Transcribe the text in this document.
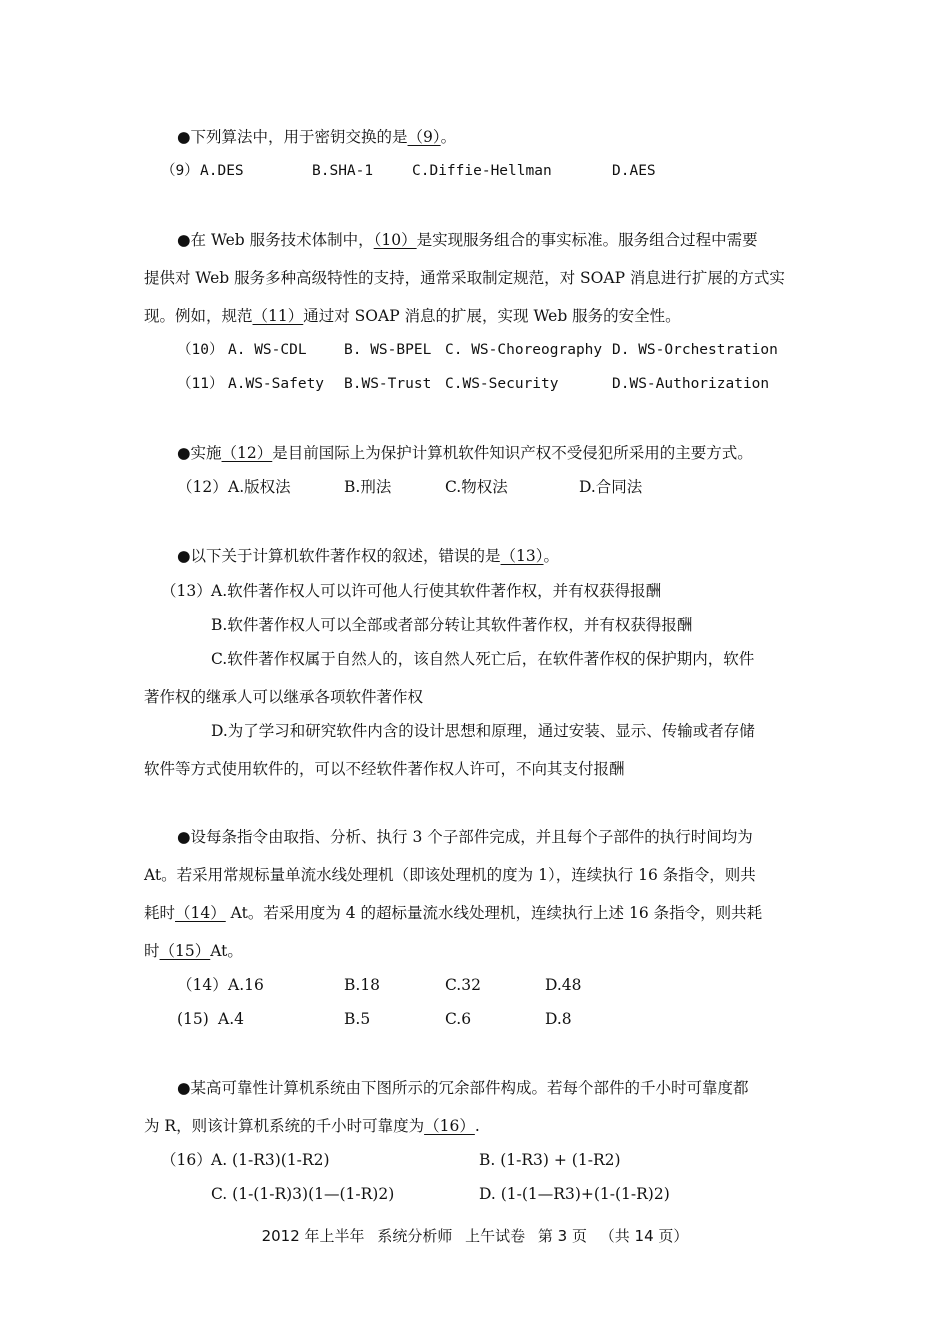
●下列算法中，用于密钥交换的是（9）。
（9） A.DES	B.SHA-1	C.Diffie-Hellman	D.AES
●在 Web 服务技术体制中，（10）是实现服务组合的事实标准。服务组合过程中需要
提供对 Web 服务多种高级特性的支持，通常采取制定规范，对 SOAP 消息进行扩展的方式实
现。例如，规范（11）通过对 SOAP 消息的扩展，实现 Web 服务的安全性。
（10） A. WS-CDL	B. WS-BPEL C. WS-Choreography D. WS-Orchestration
（11） A.WS-Safety B.WS-Trust C.WS-Security	D.WS-Authorization
●实施（12）是目前国际上为保护计算机软件知识产权不受侵犯所采用的主要方式。
（12） A.版权法	B.刑法	C.物权法	D.合同法
●以下关于计算机软件著作权的叙述，错误的是（13）。
（13） A.软件著作权人可以许可他人行使其软件著作权，并有权获得报酬
B.软件著作权人可以全部或者部分转让其软件著作权，并有权获得报酬
C.软件著作权属于自然人的，该自然人死亡后，在软件著作权的保护期内，软件
著作权的继承人可以继承各项软件著作权
D.为了学习和研究软件内含的设计思想和原理，通过安装、显示、传输或者存储
软件等方式使用软件的，可以不经软件著作权人许可，不向其支付报酬
●设每条指令由取指、分析、执行 3 个子部件完成，并且每个子部件的执行时间均为
At。若采用常规标量单流水线处理机（即该处理机的度为 1），连续执行 16 条指令，则共
耗时（14） At。若采用度为 4 的超标量流水线处理机，连续执行上述 16 条指令，则共耗
时（15）At。
（14） A.16	B.18	C.32	D.48
(15) A.4	B.5	C.6	D.8
●某高可靠性计算机系统由下图所示的冗余部件构成。若每个部件的千小时可靠度都
为 R，则该计算机系统的千小时可靠度为（16）.
（16） A. (1-R3)(1-R2)	B. (1-R3) + (1-R2)
C. (1-(1-R)3)(1—(1-R)2)	D. (1-(1—R3)+(1-(1-R)2)
2012 年上半年 系统分析师 上午试卷 第 3 页 （共 14 页）
